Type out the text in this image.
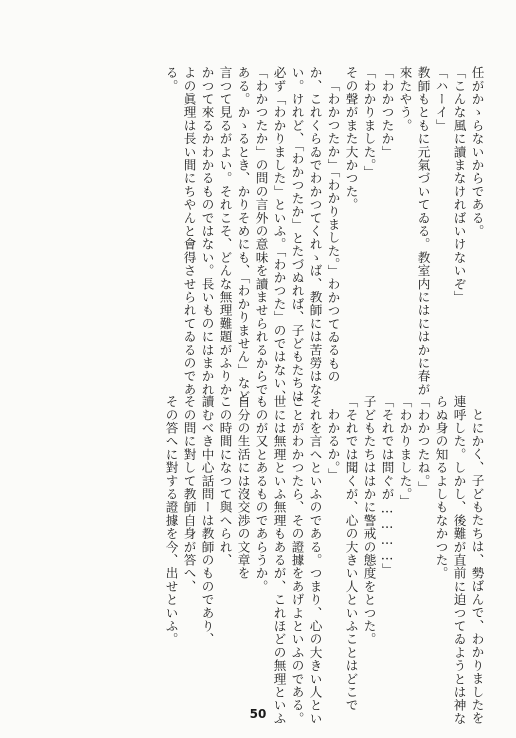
任がかゝらないからである。
「こんな風に讀まなければいけないぞ」
「ハーイ」
教師もともに元氣づいてゐる。教室内にはにはかに春が
來たやう。
「わかつたか」
「わかりました。」
その聲がまた大かつた。
「わかつたか」「わかりました。」わかつてゐるもの
か、これくらゐでわかつてくれゝば、教師には苦勞はな
い。けれど、「わかつたか」とたづぬれば、子どもたちは
必ず「わかりました」といふ。「わかつた」のではない、
「わかつたか」の問の言外の意味を讀ませられるからで
ある。かゝるとき、かりそめにも、「わかりません」など
言つて見るがよい。それこそ、どんな無理難題がふりか
かつて來るかわかるものではない。長いものにはまかれ
よの眞理は長い間にちやんと會得させられてゐるのであ
る。
とにかく、子どもたちは、勢ばんで、わかりましたを
連呼した。しかし、後難が直前に迫つてゐようとは神な
らぬ身の知るよしもなかつた。
「わかつたね。」
「わかりました。」
「それでは問ぐが…………」
子どもたちははかに警戒の態度をとつた。
「それでは聞くが、心の大きい人といふことはどこで
わかるか。」
それを言へといふのである。つまり、心の大きい人とい
ことがわかつたら、その證據をあげよといふのである。
世には無理といふ無理もあるが、これほどの無理といふ
ものが又とあるものであらうか。
自分の生活には沒交渉の文章を
この時間になつて與へられ、
讀むべき中心話問ーは教師のものであり、
その問に對して教師自身が答へ、
その答へに對する證據を今、出せといふ。
50
